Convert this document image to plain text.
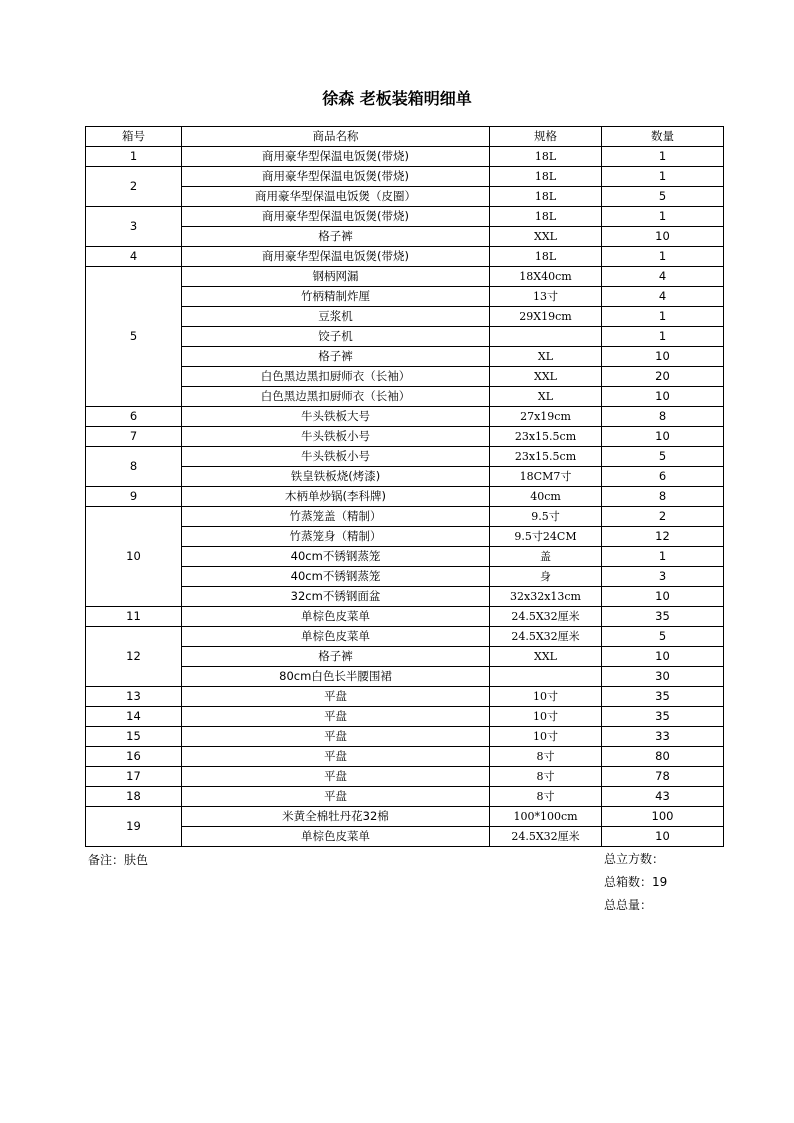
徐森 老板装箱明细单
箱号	商品名称	规格	数量
1	商用豪华型保温电饭煲(带烧)	18L	1
2	商用豪华型保温电饭煲(带烧)	18L	1
	商用豪华型保温电饭煲（皮圈）	18L	5
3	商用豪华型保温电饭煲(带烧)	18L	1
	格子裤	XXL	10
4	商用豪华型保温电饭煲(带烧)	18L	1
5	钢柄网漏	18X40cm	4
	竹柄精制炸厘	13寸	4
	豆浆机	29X19cm	1
	饺子机		1
	格子裤	XL	10
	白色黑边黑扣厨师衣（长袖）	XXL	20
	白色黑边黑扣厨师衣（长袖）	XL	10
6	牛头铁板大号	27x19cm	8
7	牛头铁板小号	23x15.5cm	10
8	牛头铁板小号	23x15.5cm	5
	铁皇铁板烧(烤漆)	18CM7寸	6
9	木柄单炒锅(李科牌)	40cm	8
10	竹蒸笼盖（精制）	9.5寸	2
	竹蒸笼身（精制）	9.5寸24CM	12
	40cm不锈钢蒸笼	盖	1
	40cm不锈钢蒸笼	身	3
	32cm不锈钢面盆	32x32x13cm	10
11	单棕色皮菜单	24.5X32厘米	35
12	单棕色皮菜单	24.5X32厘米	5
	格子裤	XXL	10
	80cm白色长半腰围裙		30
13	平盘	10寸	35
14	平盘	10寸	35
15	平盘	10寸	33
16	平盘	8寸	80
17	平盘	8寸	78
18	平盘	8寸	43
19	米黄全棉牡丹花32棉	100*100cm	100
	单棕色皮菜单	24.5X32厘米	10
备注：肤色	总立方数：
总箱数：19
总总量：
